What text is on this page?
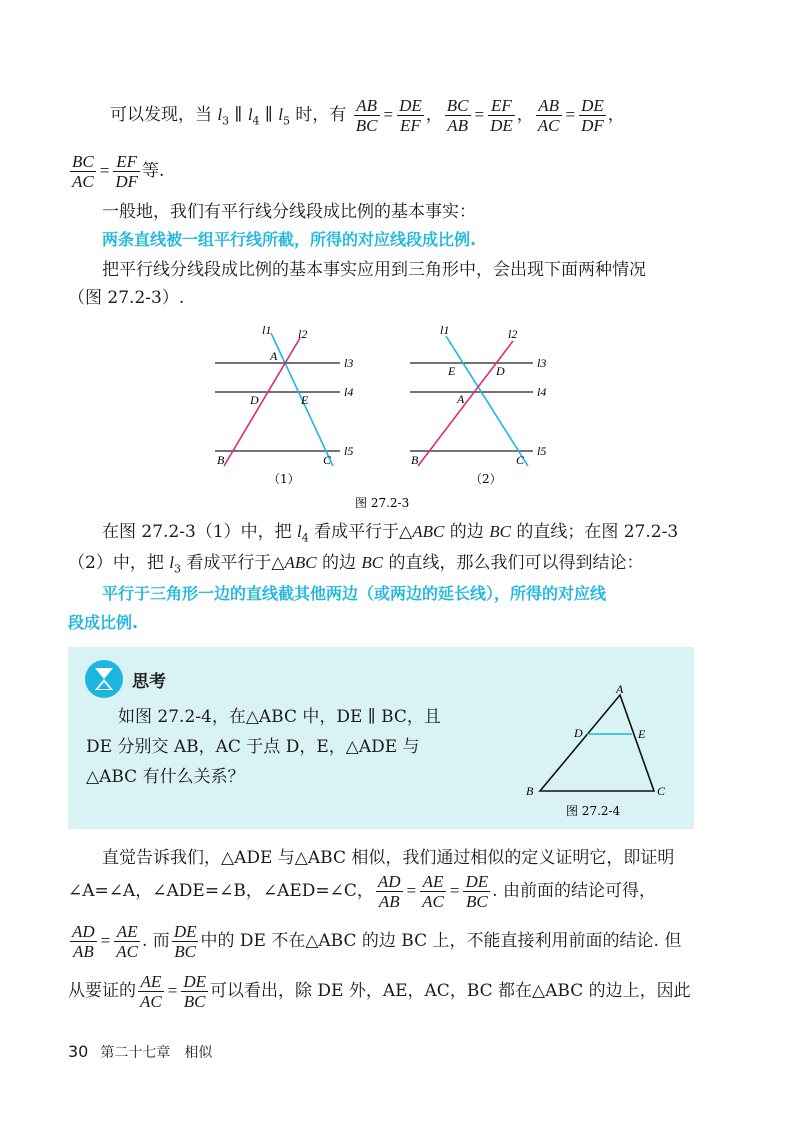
可以发现，当 $l_3$ ∥ $l_4$ ∥ $l_5$ 时，有 $\frac{AB}{BC} = \frac{DE}{EF}$ ， $\frac{BC}{AB} = \frac{EF}{DE}$ ， $\frac{AB}{AC} = \frac{DE}{DF}$ ，
$\frac{BC}{AC} = \frac{EF}{DF}$ 等.
一般地，我们有平行线分线段成比例的基本事实：
两条直线被一组平行线所截，所得的对应线段成比例.
把平行线分线段成比例的基本事实应用到三角形中，会出现下面两种情况
（图 27.2-3）.
l1 l2
l3
l4
l5
A
D	E
B	C
（1）
l1	l2
l3
l4
l5
E	D
A
B	C
（2）
图 27.2-3
在图 27.2-3（1）中，把 $l_4$ 看成平行于△ABC 的边 BC 的直线；在图 27.2-3
（2）中，把 $l_3$ 看成平行于△ABC 的边 BC 的直线，那么我们可以得到结论：
平行于三角形一边的直线截其他两边（或两边的延长线），所得的对应线
段成比例.
思考
如图 27.2-4，在△ABC 中，DE ∥ BC，且
DE 分别交 AB，AC 于点 D，E，△ADE 与
△ABC 有什么关系？
A
D	E
B	C
图 27.2-4
直觉告诉我们，△ADE 与△ABC 相似，我们通过相似的定义证明它，即证明
∠A=∠A，∠ADE=∠B，∠AED=∠C， $\frac{AD}{AB} = \frac{AE}{AC} = \frac{DE}{BC}$ . 由前面的结论可得，
$\frac{AD}{AB} = \frac{AE}{AC}$ . 而 $\frac{DE}{BC}$ 中的 DE 不在△ABC 的边 BC 上，不能直接利用前面的结论. 但
从要证的 $\frac{AE}{AC} = \frac{DE}{BC}$ 可以看出，除 DE 外，AE，AC，BC 都在△ABC 的边上，因此
30 第二十七章　相似
